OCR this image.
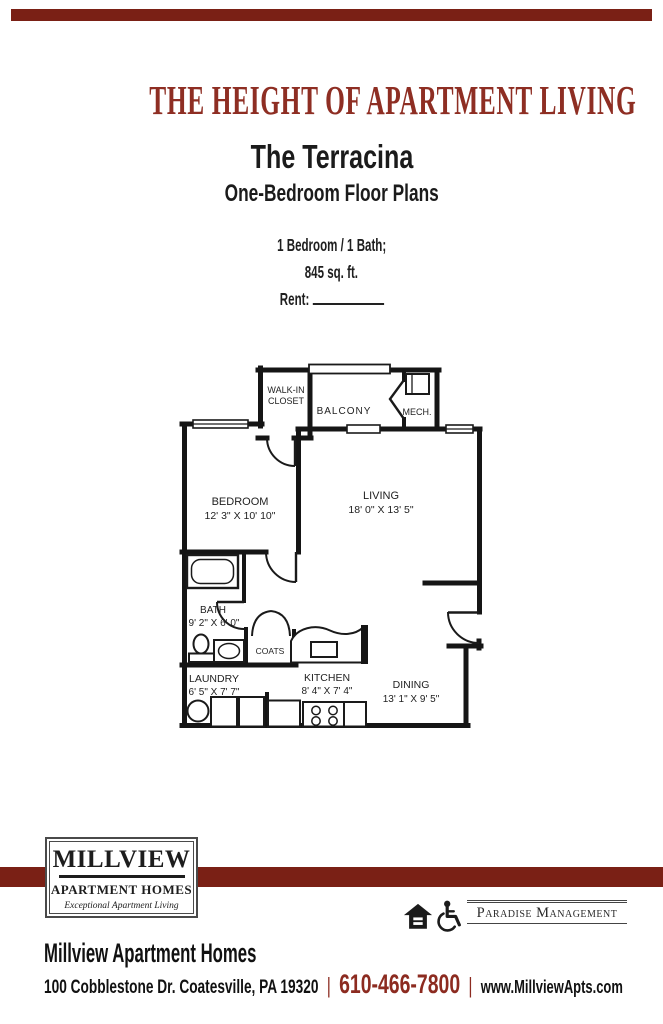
THE HEIGHT OF APARTMENT LIVING
The Terracina
One-Bedroom Floor Plans
1 Bedroom / 1 Bath;
845 sq. ft.
Rent:
WALK-IN
CLOSET
BALCONY	MECH.
BEDROOM
12' 3" X 10' 10"
LIVING
18' 0" X 13' 5"
BATH
9' 2" X 6' 0"
COATS
LAUNDRY
6' 5" X 7' 7"
KITCHEN
8' 4" X 7' 4"
DINING
13' 1" X 9' 5"
MILLVIEW
APARTMENT HOMES
Exceptional Apartment Living	Paradise Management
Millview Apartment Homes
100 Cobblestone Dr. Coatesville, PA 19320 | 610-466-7800 | www.MillviewApts.com
